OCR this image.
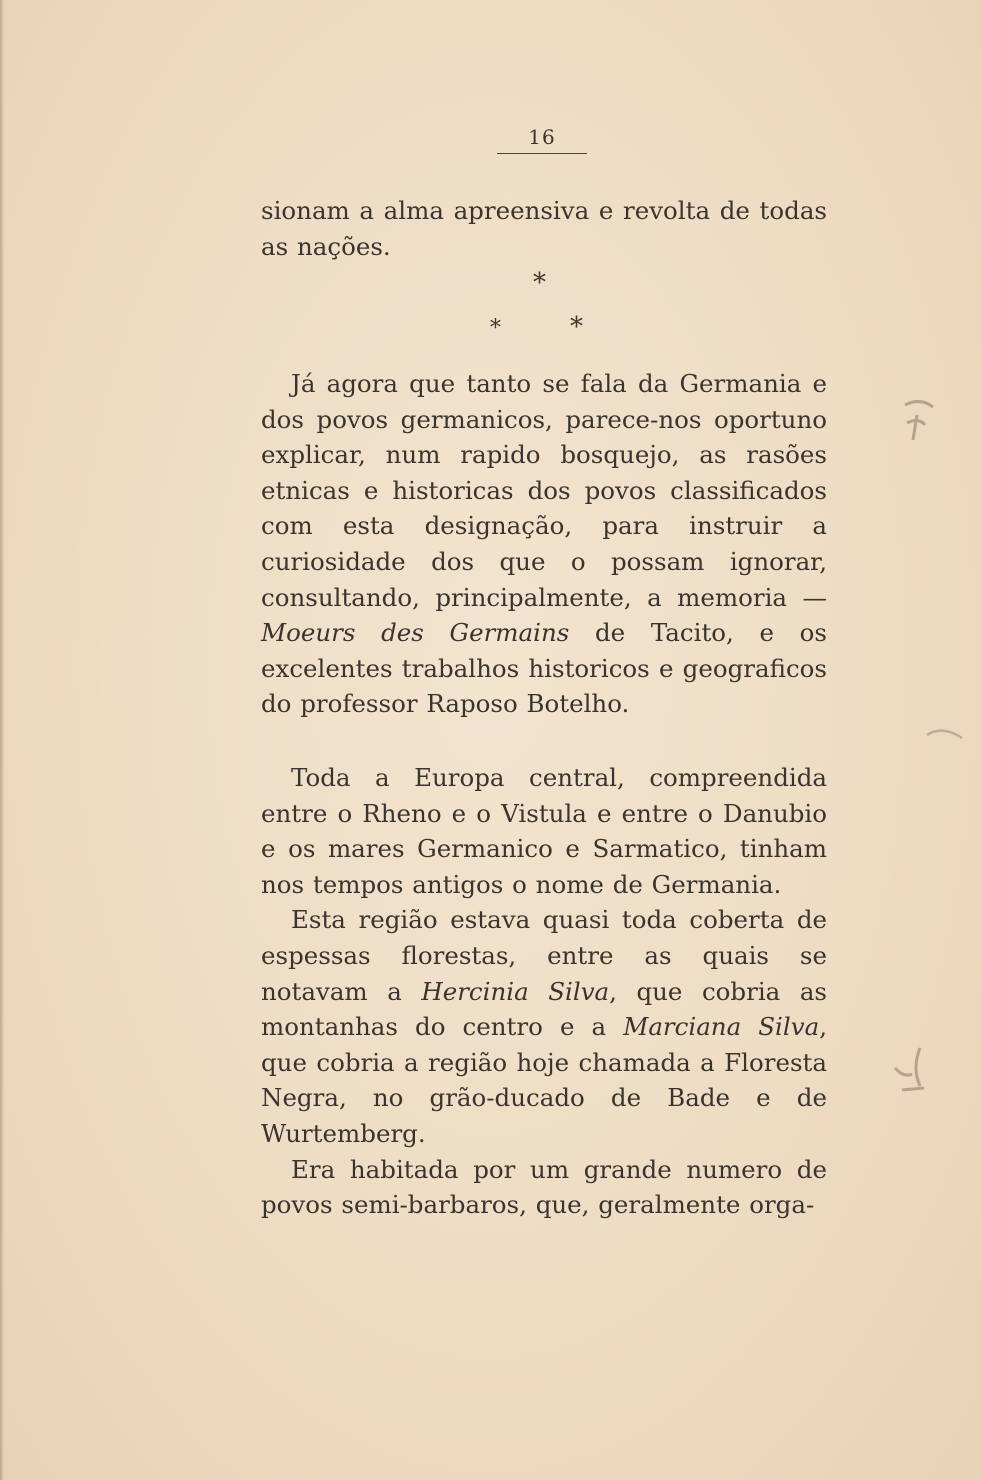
16

sionam a alma apreensiva e revolta de todas as nações.

*
*	*

Já agora que tanto se fala da Germania e dos povos germanicos, parece-nos oportuno explicar, num rapido bosquejo, as rasões etnicas e historicas dos povos classificados com esta designação, para instruir a curiosidade dos que o possam ignorar, consultando, principalmente, a memoria — Moeurs des Germains de Tacito, e os excelentes trabalhos historicos e geograficos do professor Raposo Botelho.

Toda a Europa central, compreendida entre o Rheno e o Vistula e entre o Danubio e os mares Germanico e Sarmatico, tinham nos tempos antigos o nome de Germania.

Esta região estava quasi toda coberta de espessas florestas, entre as quais se notavam a Hercinia Silva, que cobria as montanhas do centro e a Marciana Silva, que cobria a região hoje chamada a Floresta Negra, no grão-ducado de Bade e de Wurtemberg.

Era habitada por um grande numero de povos semi-barbaros, que, geralmente orga-
